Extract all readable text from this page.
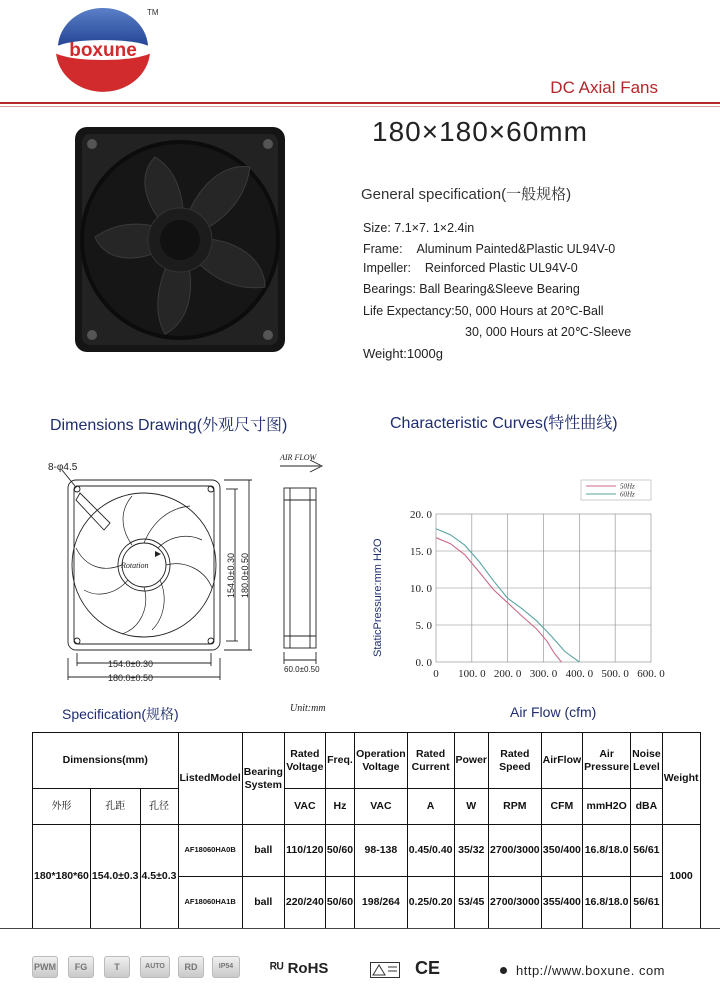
boxune
TM
DC Axial Fans
180×180×60mm
General specification(一般规格)
Size: 7.1×7. 1×2.4in
Frame: Aluminum Painted&Plastic UL94V-0
Impeller: Reinforced Plastic UL94V-0
Bearings: Ball Bearing&Sleeve Bearing
Life Expectancy:50, 000 Hours at 20℃-Ball
30, 000 Hours at 20℃-Sleeve
Weight:1000g
Dimensions Drawing(外观尺寸图)	Characteristic Curves(特性曲线)
8-φ4.5
AIR FLOW
Rotation
154.0±0.30
180.0±0.50
154.0±0.30 180.0±0.50
60.0±0.50	0 100. 0 200. 0 300. 0 400. 0 500. 0 600. 0
0. 0
5. 0
10. 0
15. 0
20. 0
50Hz
60Hz
StaticPressure:mm H2O
Specification(规格)	Unit:mm	Air Flow (cfm)
Dimensions(mm)			ListedModel	Bearing System	Rated Voltage	Freq.	Operation Voltage	Rated Current	Power	Rated Speed	AirFlow	Air Pressure	Noise Level	Weight
外形	孔距	孔径			VAC	Hz	VAC	A	W	RPM	CFM	mmH2O	dBA	
180*180*60	154.0±0.3	4.5±0.3	AF18060HA0B	ball	110/120	50/60	98-138	0.45/0.40	35/32	2700/3000	350/400	16.8/18.0	56/61	1000
			AF18060HA1B	ball	220/240	50/60	198/264	0.25/0.20	53/45	2700/3000	355/400	16.8/18.0	56/61	
PWM	FG	T	AUTO	RD	IP54	ᴿᵁ RoHS	CE	http://www.boxune. com
